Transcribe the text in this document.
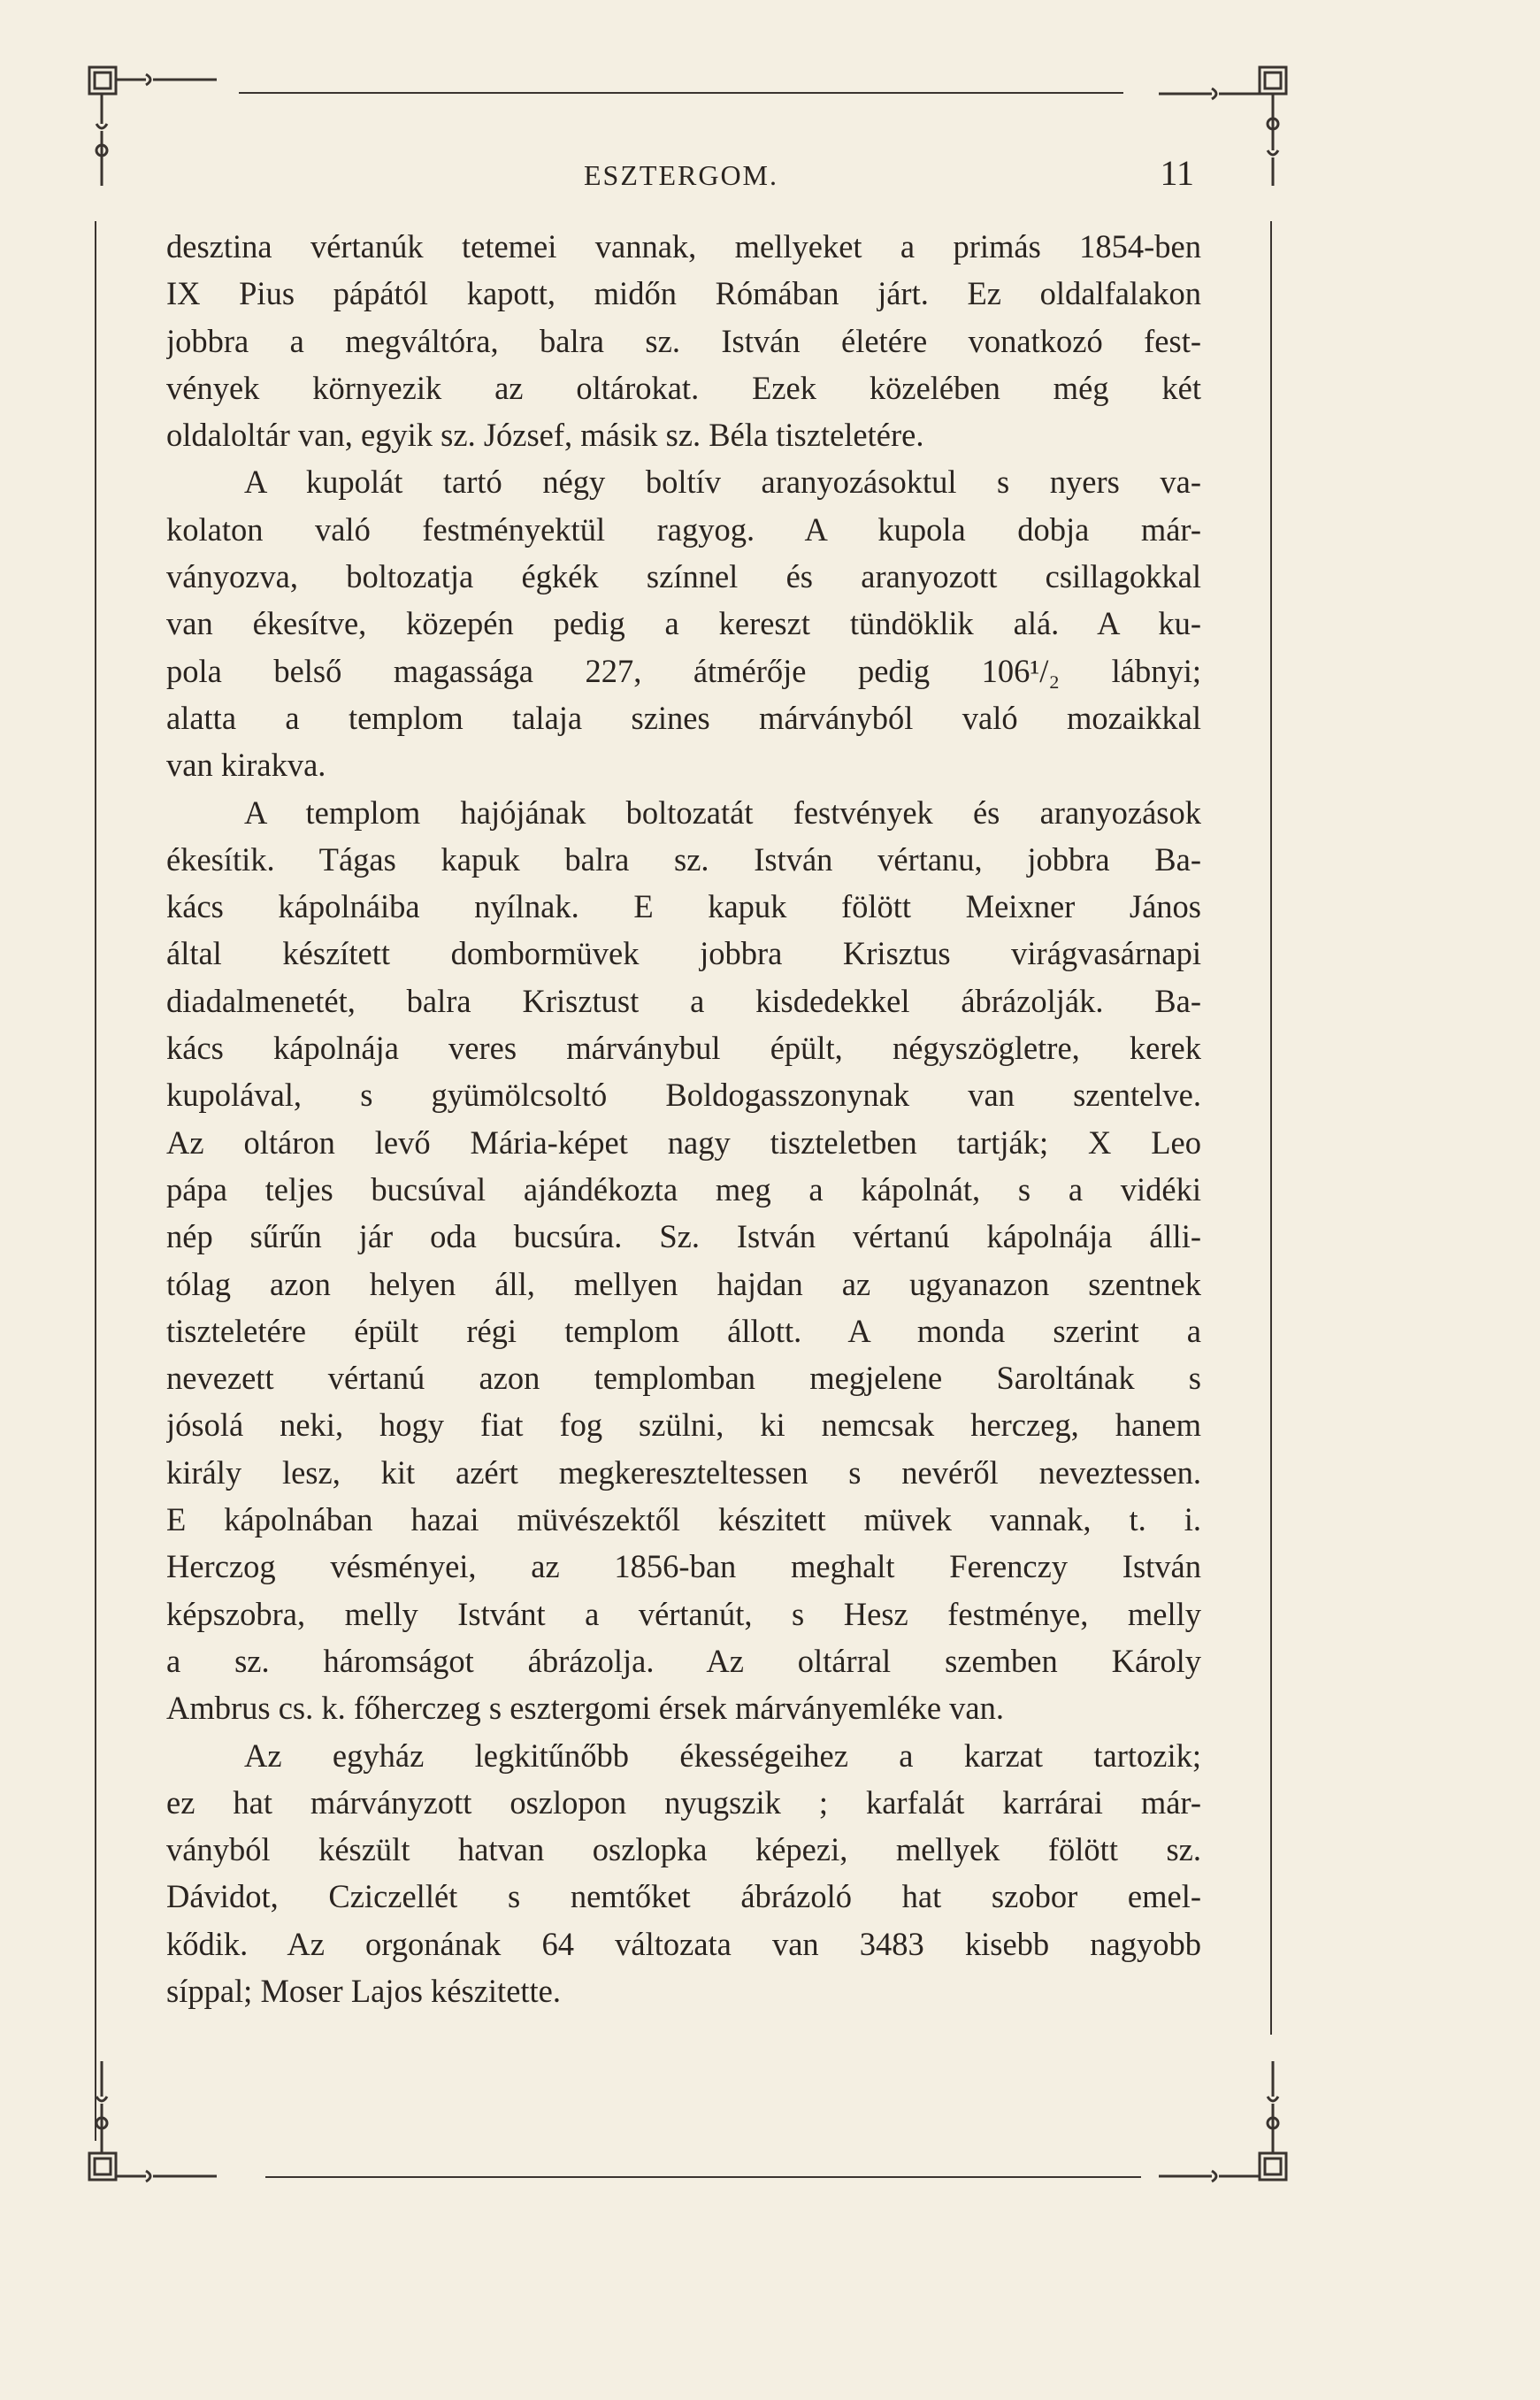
ESZTERGOM.	11
desztina vértanúk tetemei vannak, mellyeket a primás 1854-ben
IX Pius pápától kapott, midőn Rómában járt. Ez oldalfalakon
jobbra a megváltóra, balra sz. István életére vonatkozó fest-
vények környezik az oltárokat. Ezek közelében még két
oldaloltár van, egyik sz. József, másik sz. Béla tiszteletére.
A kupolát tartó négy boltív aranyozásoktul s nyers va-
kolaton való festményektül ragyog. A kupola dobja már-
ványozva, boltozatja égkék színnel és aranyozott csillagokkal
van ékesítve, közepén pedig a kereszt tündöklik alá. A ku-
pola belső magassága 227, átmérője pedig 106¹/₂ lábnyi;
alatta a templom talaja szines márványból való mozaikkal
van kirakva.
A templom hajójának boltozatát festvények és aranyozások
ékesítik. Tágas kapuk balra sz. István vértanu, jobbra Ba-
kács kápolnáiba nyílnak. E kapuk fölött Meixner János
által készített dombormüvek jobbra Krisztus virágvasárnapi
diadalmenetét, balra Krisztust a kisdedekkel ábrázolják. Ba-
kács kápolnája veres márványbul épült, négyszögletre, kerek
kupolával, s gyümölcsoltó Boldogasszonynak van szentelve.
Az oltáron levő Mária-képet nagy tiszteletben tartják; X Leo
pápa teljes bucsúval ajándékozta meg a kápolnát, s a vidéki
nép sűrűn jár oda bucsúra. Sz. István vértanú kápolnája álli-
tólag azon helyen áll, mellyen hajdan az ugyanazon szentnek
tiszteletére épült régi templom állott. A monda szerint a
nevezett vértanú azon templomban megjelene Saroltának s
jósolá neki, hogy fiat fog szülni, ki nemcsak herczeg, hanem
király lesz, kit azért megkereszteltessen s nevéről neveztessen.
E kápolnában hazai müvészektől készitett müvek vannak, t. i.
Herczog vésményei, az 1856-ban meghalt Ferenczy István
képszobra, melly Istvánt a vértanút, s Hesz festménye, melly
a sz. háromságot ábrázolja. Az oltárral szemben Károly
Ambrus cs. k. főherczeg s esztergomi érsek márványemléke van.
Az egyház legkitűnőbb ékességeihez a karzat tartozik;
ez hat márványzott oszlopon nyugszik ; karfalát karrárai már-
ványból készült hatvan oszlopka képezi, mellyek fölött sz.
Dávidot, Cziczellét s nemtőket ábrázoló hat szobor emel-
kődik. Az orgonának 64 változata van 3483 kisebb nagyobb
síppal; Moser Lajos készitette.
